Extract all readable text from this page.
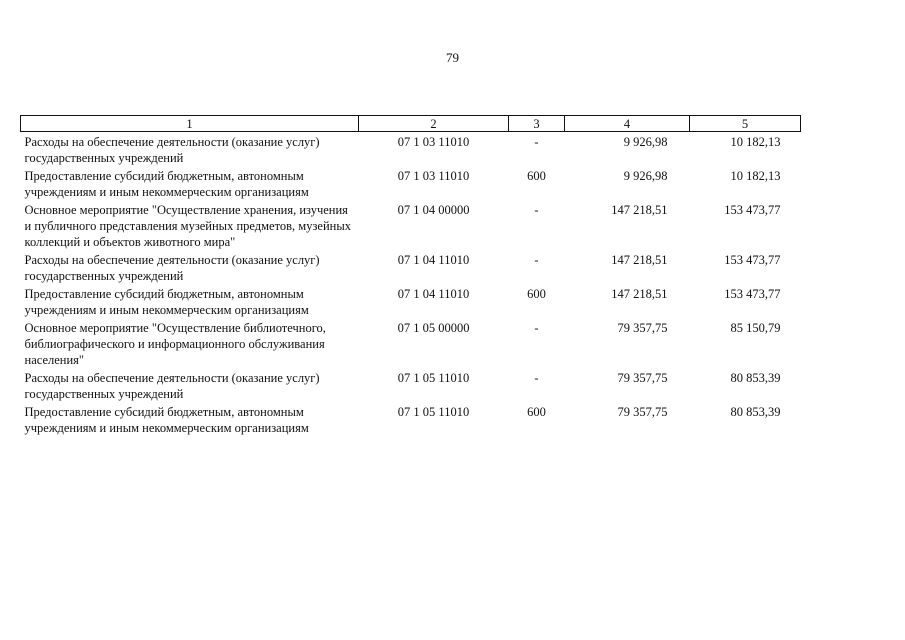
79
1	2	3	4	5
Расходы на обеспечение деятельности (оказание услуг) государственных учреждений	07 1 03 11010	-	9 926,98	10 182,13
Предоставление субсидий бюджетным, автономным учреждениям и иным некоммерческим организациям	07 1 03 11010	600	9 926,98	10 182,13
Основное мероприятие "Осуществление хранения, изучения и публичного представления музейных предметов, музейных коллекций и объектов животного мира"	07 1 04 00000	-	147 218,51	153 473,77
Расходы на обеспечение деятельности (оказание услуг) государственных учреждений	07 1 04 11010	-	147 218,51	153 473,77
Предоставление субсидий бюджетным, автономным учреждениям и иным некоммерческим организациям	07 1 04 11010	600	147 218,51	153 473,77
Основное мероприятие "Осуществление библиотечного, библиографического и информационного обслуживания населения"	07 1 05 00000	-	79 357,75	85 150,79
Расходы на обеспечение деятельности (оказание услуг) государственных учреждений	07 1 05 11010	-	79 357,75	80 853,39
Предоставление субсидий бюджетным, автономным учреждениям и иным некоммерческим организациям	07 1 05 11010	600	79 357,75	80 853,39
